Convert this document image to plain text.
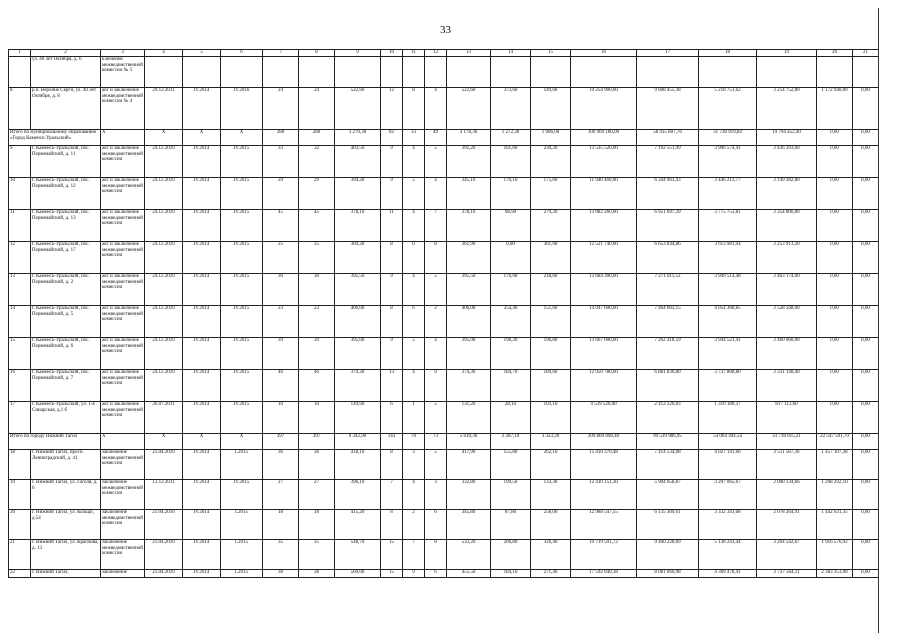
33
1	2	3	4	5	6	7	8	9	10	11	12	13	14	15	16	17	18	19	20	21
	ул. 40 лет Октября, д. 6	ключение межведомственной комиссии № 3																		
8	р.п. Верхние Серги, ул. 40 лет Октября, д. 8	акт и заключение межведомственной комиссии № 4	29.12.2011	IV.2014	IV.2016	24	24	522,60	12	8	4	522,60	373,60	149,00	19 254 900,00	9 608 455,38	5 218 751,62	3 254 752,80	1 172 940,00	0,00
Итого по муниципальному образованию «Город Каменск-Уральский»		X	X	X	X	280	280	3 270,30	82	33	49	3 178,30	1 272,30	1 906,00	109 969 180,00	58 435 807,76	31 738 919,84	19 794 452,40	0,00	0,00
9	г. Каменск-Уральский, пос. Первомайский, д. 11	акт и заключение межведомственной комиссии	24.12.2010	IV.2014	IV.2015	33	32	403,50	9	4	5	391,20	161,00	230,20	13 535 520,00	7 192 551,99	3 906 574,41	2 436 393,60	0,00	0,00
10	г. Каменск-Уральский, пос. Первомайский, д. 12	акт и заключение межведомственной комиссии	24.12.2010	IV.2014	IV.2015	29	29	394,20	9	5	4	345,10	170,10	175,00	11 940 460,00	6 344 963,43	3 446 213,77	2 149 282,80	0,00	0,00
11	г. Каменск-Уральский, пос. Первомайский, д. 13	акт и заключение межведомственной комиссии	24.12.2010	IV.2014	IV.2015	45	45	378,10	11	4	7	378,10	98,90	279,20	13 082 260,00	6 951 697,39	3 775 753,81	2 354 806,80	0,00	0,00
12	г. Каменск-Уральский, пос. Первомайский, д. 17	акт и заключение межведомственной комиссии	24.12.2010	IV.2014	IV.2015	25	25	369,20	8	0	8	361,90	0,00	361,90	12 521 740,00	6 653 844,86	3 613 981,94	2 253 913,20	0,00	0,00
13	г. Каменск-Уральский, пос. Первомайский, д. 2	акт и заключение межведомственной комиссии	24.12.2010	IV.2014	IV.2015	30	30	395,50	9	4	5	395,50	176,90	218,60	13 684 300,00	7 271 611,52	3 949 514,48	2 463 174,00	0,00	0,00
14	г. Каменск-Уральский, пос. Первомайский, д. 5	акт и заключение межведомственной комиссии	24.12.2010	IV.2014	IV.2015	23	23	406,00	8	6	2	406,00	254,40	151,60	14 047 600,00	7 464 663,15	4 054 368,85	2 528 568,00	0,00	0,00
15	г. Каменск-Уральский, пос. Первомайский, д. 6	акт и заключение межведомственной комиссии	24.12.2010	IV.2014	IV.2015	39	39	395,00	9	5	4	395,00	198,20	196,80	13 667 000,00	7 262 418,59	3 944 521,41	2 460 060,00	0,00	0,00
16	г. Каменск-Уральский, пос. Первомайский, д. 7	акт и заключение межведомственной комиссии	24.12.2010	IV.2014	IV.2015	46	46	379,20	13	4	9	374,30	184,70	189,60	12 950 780,00	6 881 830,80	3 737 808,80	2 331 140,40	0,00	0,00
17	г. Каменск-Уральский, ул. 1-я Синарская, д.1 б	акт и заключение межведомственной комиссии	26.07.2011	IV.2014	IV.2015	10	10	149,60	6	1	5	131,20	28,10	103,10	4 539 520,00	2 412 226,03	1 310 180,37	817 113,60	0,00	0,00
Итого по городу Нижний Тагил		X	X	X	X	397	397	6 342,90	143	70	73	5 610,30	2 287,10	3 323,20	209 869 898,40	99 539 986,95	54 064 304,54	33 718 015,21	22 547 591,70	0,00
18	г. Нижний Тагил, просп. Ленинградский, д. 41	заключение межведомственной комиссии	21.04.2010	IV.2014	I.2015	36	36	418,10	8	3	5	417,90	155,80	262,10	15 410 370,48	7 414 534,08	4 027 141,66	2 511 587,36	1 457 107,38	0,00
19	г. Нижний Тагил, ул. Гоголя, д. 6	заключение межведомственной комиссии	13.12.2011	IV.2014	IV.2015	27	27	396,10	7	4	3	332,80	199,50	133,30	12 410 151,30	5 904 658,87	3 207 065,67	2 000 134,66	1 298 292,10	0,00
20	г. Нижний Тагил, ул. Кольцо, д.54	заключение межведомственной комиссии	21.04.2010	IV.2014	I.2015	18	18	415,20	8	2	6	345,80	87,80	258,00	12 988 547,55	6 135 309,61	3 332 341,68	2 078 264,91	1 442 631,35	0,00
21	г. Нижний Тагил, ул. Краснова, д. 13	заключение межведомственной комиссии	21.04.2010	IV.2014	I.2015	35	35	548,70	15	7	8	533,20	206,80	326,40	19 719 591,72	9 460 228,69	5 138 243,44	3 204 542,67	1 916 576,92	0,00
22	г. Нижний Тагил,	заключение	21.04.2010	IV.2014	I.2015	38	38	560,00	15	9	6	455,50	184,10	271,40	17 592 040,38	8 081 666,98	4 389 478,41	2 737 564,11	2 383 351,08	0,00
